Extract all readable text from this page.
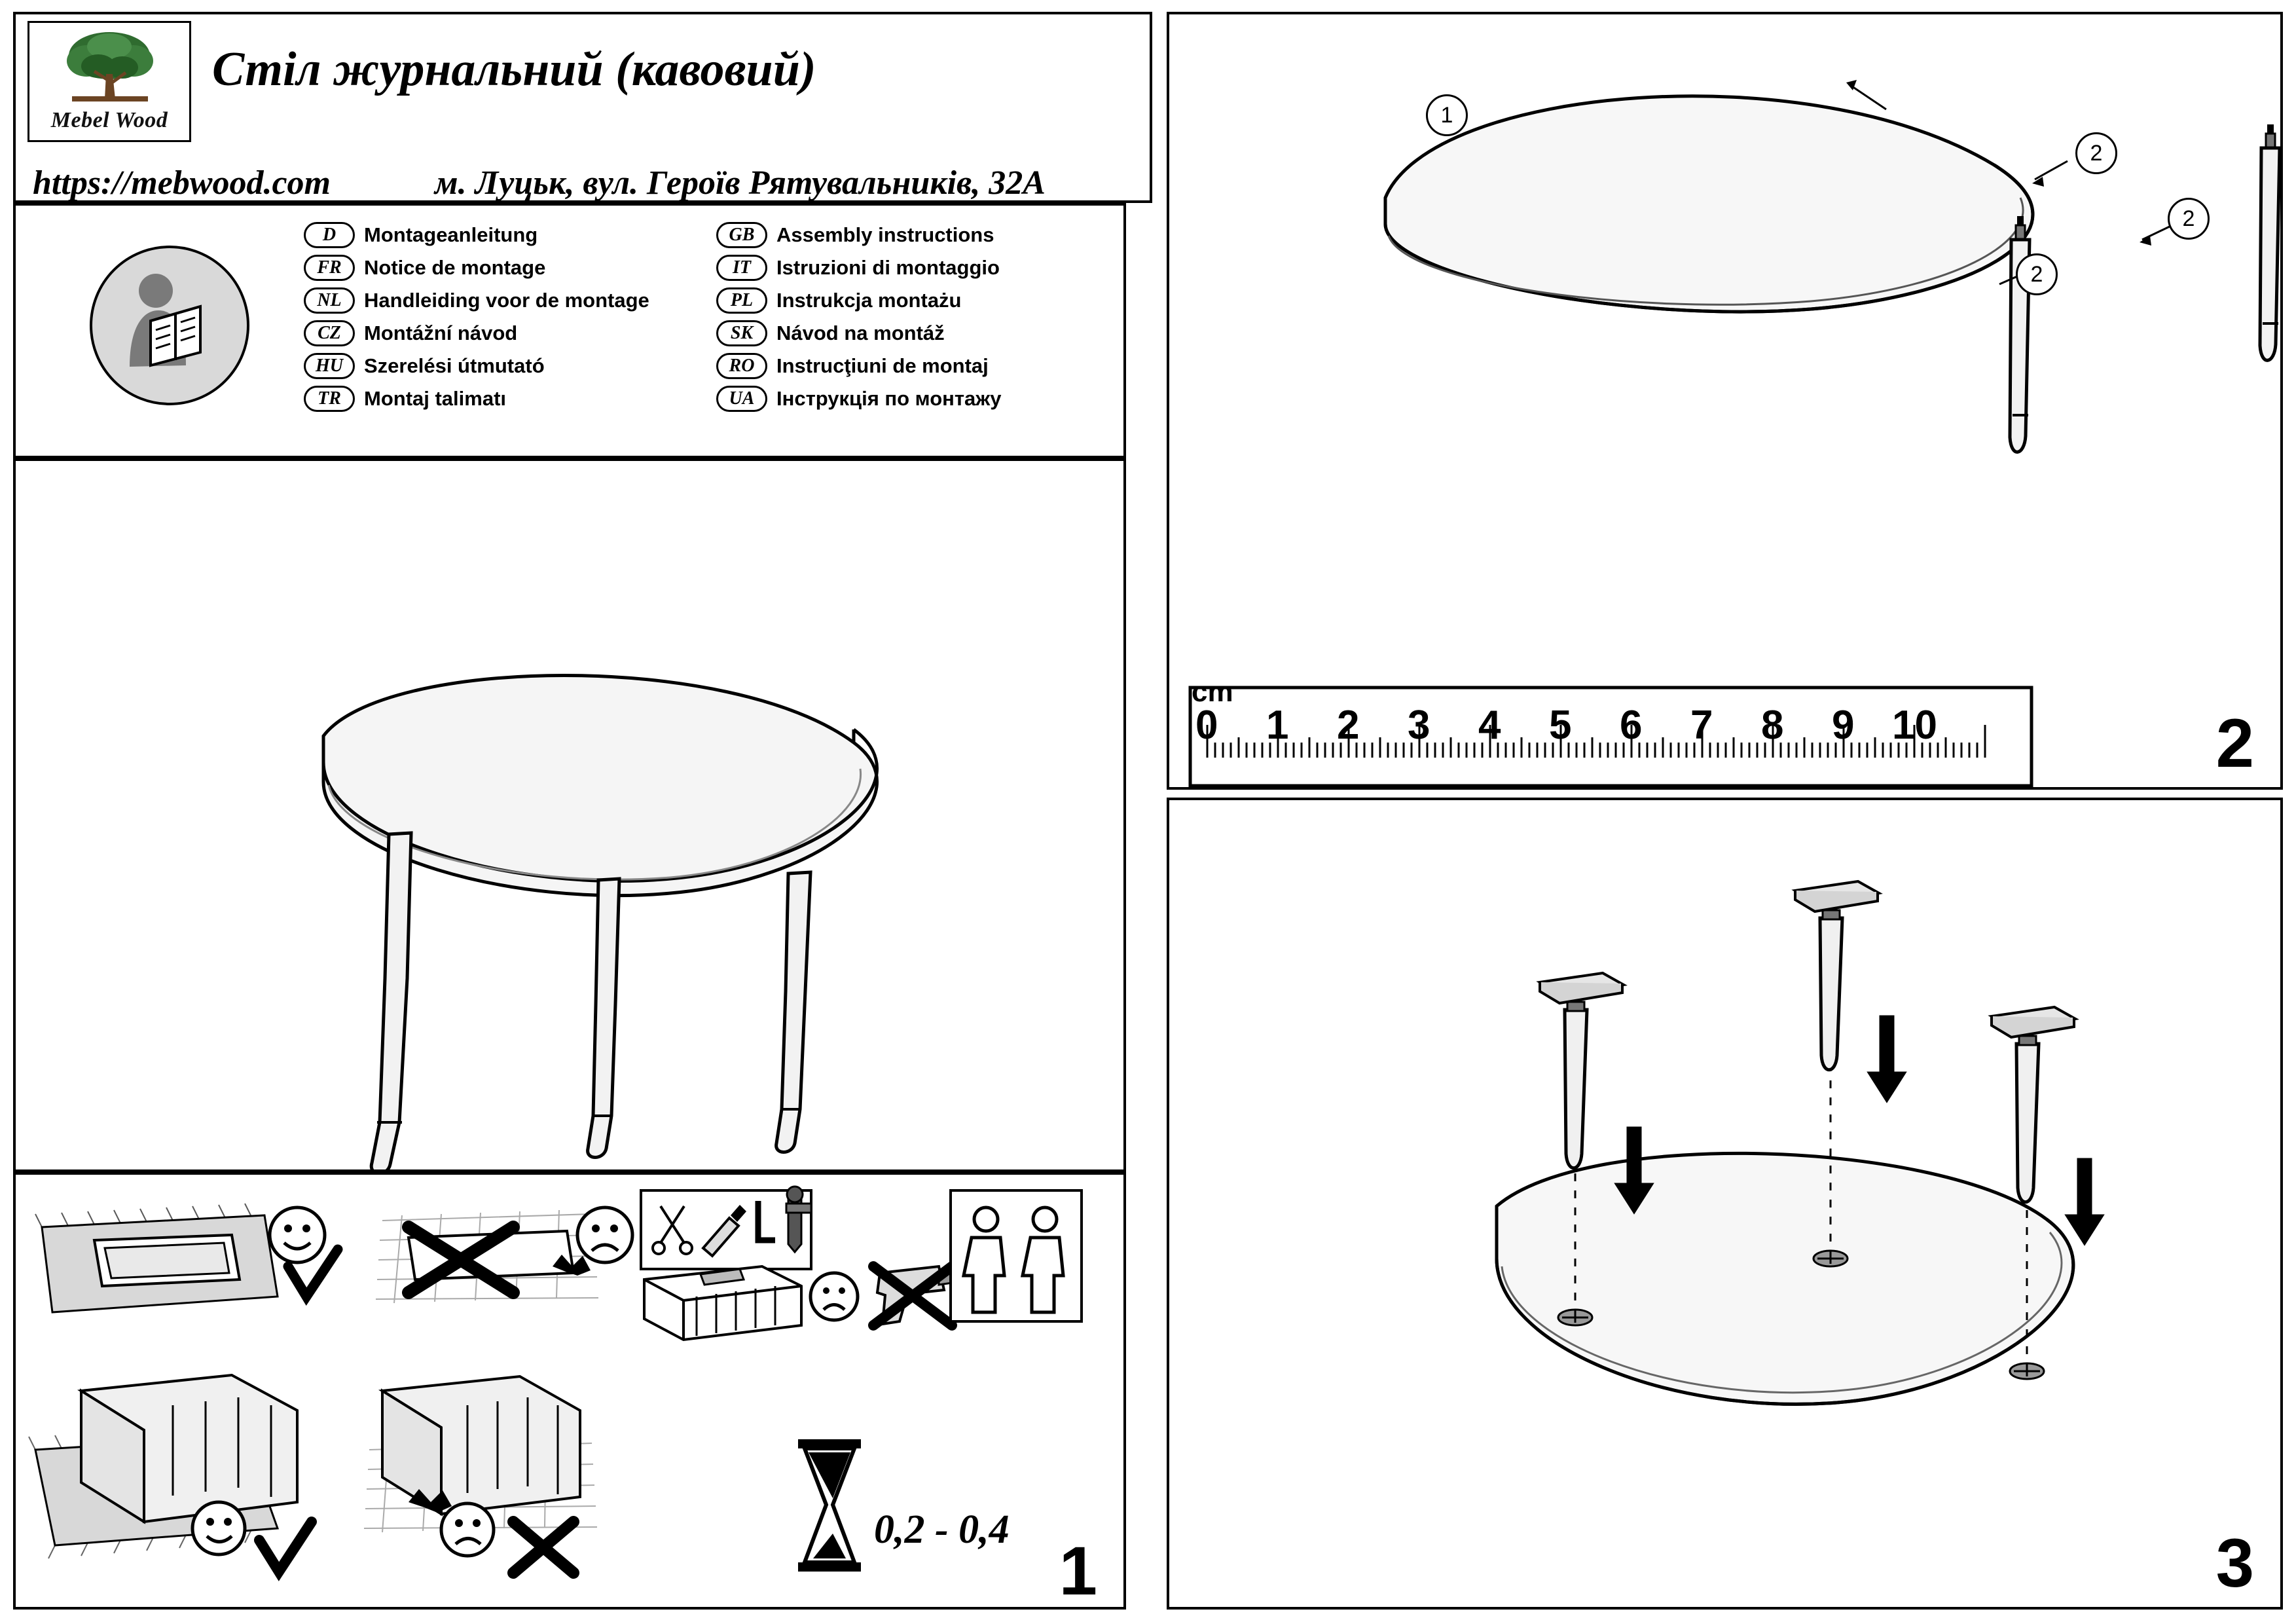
Mebel Wood
Стіл журнальний (кавовий)
https://mebwood.com	м. Луцьк, вул. Героїв Рятувальників, 32А
D	Montageanleitung
FR	Notice de montage
NL	Handleiding voor de montage
CZ	Montážní návod
HU	Szerelési útmutató
TR	Montaj talimatı
GB	Assembly instructions
IT	Istruzioni di montaggio
PL	Instrukcja montażu
SK	Návod na montáž
RO	Instrucţiuni de montaj
UA	Інструкція по монтажу
1
0,2 - 0,4
1
2
2
2
cm
0 1 2 3 4 5 6 7 8 9 10	2
3
